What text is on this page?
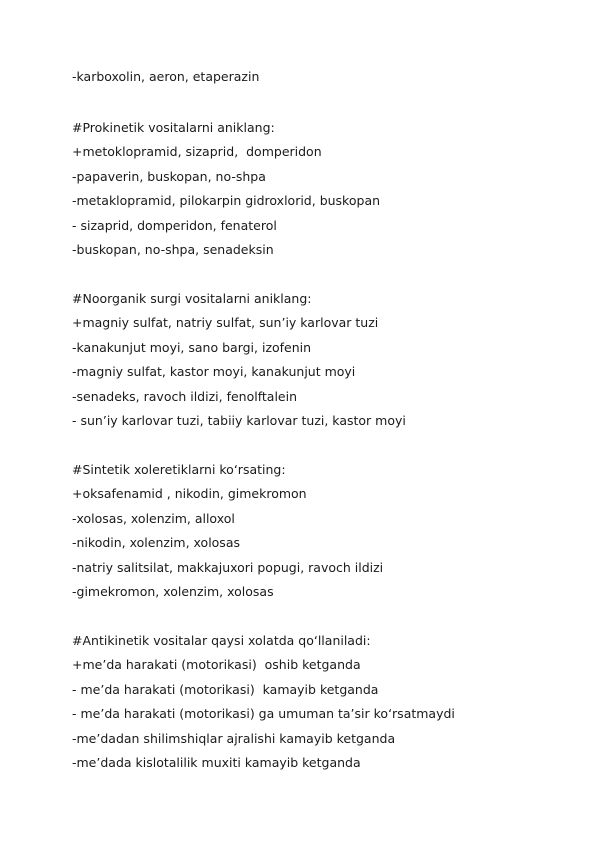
-karboxolin, aeron, etaperazin
#Prokinetik vositalarni aniklang:
+metoklopramid, sizaprid,  domperidon
-papaverin, buskopan, no-shpa
-metaklopramid, pilokarpin gidroxlorid, buskopan
- sizaprid, domperidon, fenaterol
-buskopan, no-shpa, senadeksin
#Noorganik surgi vositalarni aniklang:
+magniy sulfat, natriy sulfat, sun’iy karlovar tuzi
-kanakunjut moyi, sano bargi, izofenin
-magniy sulfat, kastor moyi, kanakunjut moyi
-senadeks, ravoch ildizi, fenolftalein
- sun’iy karlovar tuzi, tabiiy karlovar tuzi, kastor moyi
#Sintetik xoleretiklarni ko‘rsating:
+oksafenamid , nikodin, gimekromon
-xolosas, xolenzim, alloxol
-nikodin, xolenzim, xolosas
-natriy salitsilat, makkajuxori popugi, ravoch ildizi
-gimekromon, xolenzim, xolosas
#Antikinetik vositalar qaysi xolatda qo‘llaniladi:
+me’da harakati (motorikasi)  oshib ketganda
- me’da harakati (motorikasi)  kamayib ketganda
- me’da harakati (motorikasi) ga umuman ta’sir ko‘rsatmaydi
-me’dadan shilimshiqlar ajralishi kamayib ketganda
-me’dada kislotalilik muxiti kamayib ketganda
